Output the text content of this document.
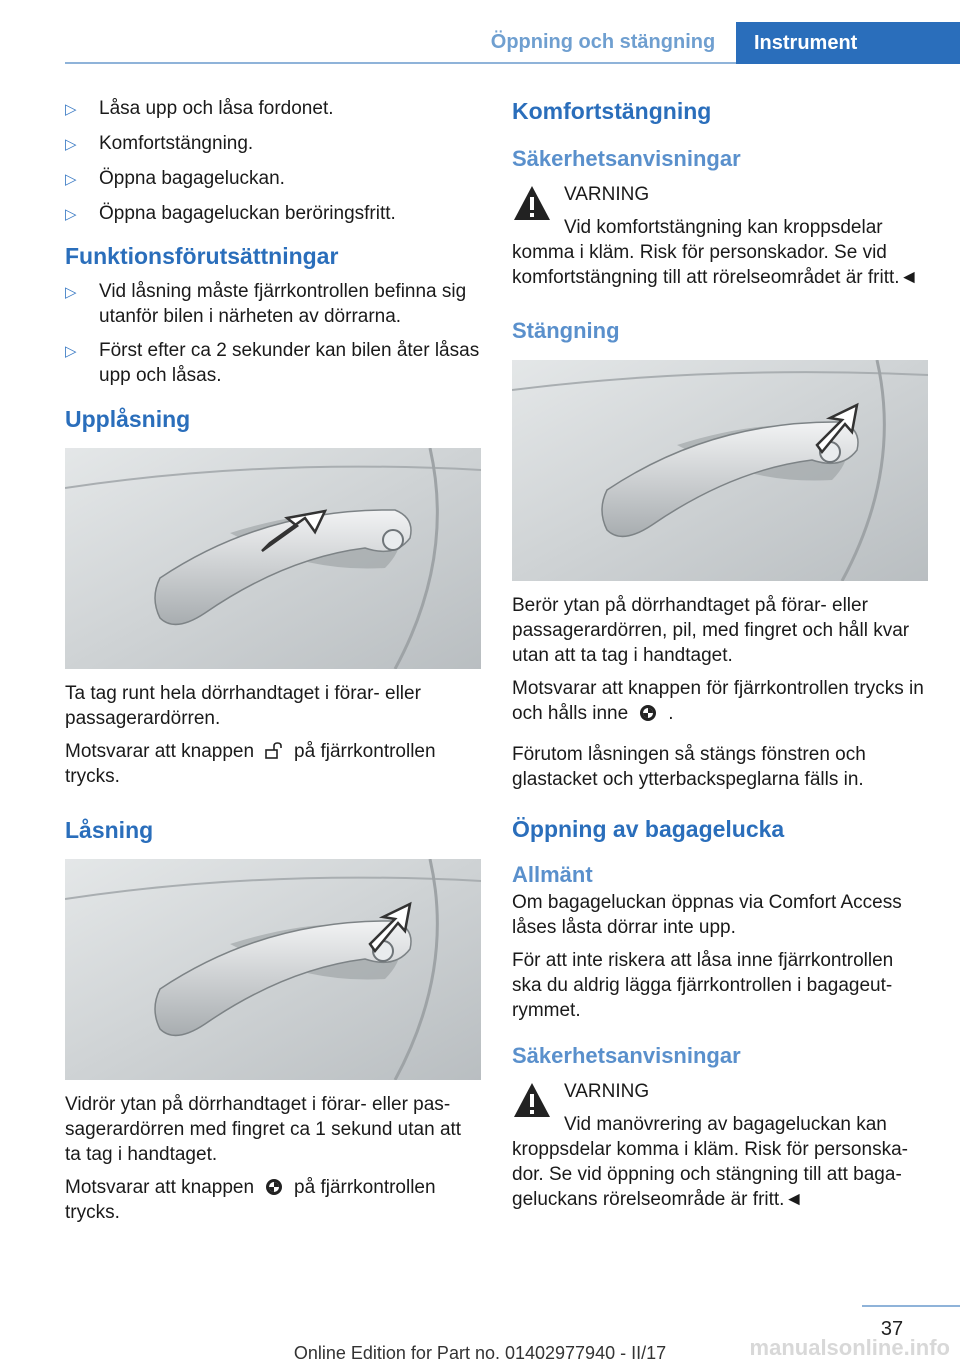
Öppning och stängning	Instrument
▷	Låsa upp och låsa fordonet.
▷	Komfortstängning.
▷	Öppna bagageluckan.
▷	Öppna bagageluckan beröringsfritt.
Funktionsförutsättningar
▷	Vid låsning måste fjärrkontrollen befinna sig utanför bilen i närheten av dörrarna.
▷	Först efter ca 2 sekunder kan bilen åter låsas upp och låsas.
Upplåsning

Ta tag runt hela dörrhandtaget i förar- eller passagerardörren.

Motsvarar att knappen på fjärrkontrollen trycks.

Låsning

Vidrör ytan på dörrhandtaget i förar- eller passagerardörren med fingret ca 1 sekund utan att ta tag i handtaget.

Motsvarar att knappen på fjärrkontrollen trycks.

Komfortstängning
Säkerhetsanvisningar
VARNING
Vid komfortstängning kan kroppsdelar
komma i kläm. Risk för personskador. Se vid komfortstängning till att rörelseområdet är fritt.◄
Stängning

Berör ytan på dörrhandtaget på förar- eller passagerardörren, pil, med fingret och håll kvar utan att ta tag i handtaget.

Motsvarar att knappen för fjärrkontrollen trycks in och hålls inne .

Förutom låsningen så stängs fönstren och glastacket och ytterbackspeglarna fälls in.

Öppning av bagagelucka
Allmänt

Om bagageluckan öppnas via Comfort Access låses låsta dörrar inte upp.

För att inte riskera att låsa inne fjärrkontrollen ska du aldrig lägga fjärrkontrollen i bagageutrymmet.

Säkerhetsanvisningar
VARNING
Vid manövrering av bagageluckan kan
kroppsdelar komma i kläm. Risk för personskador. Se vid öppning och stängning till att bagageluckans rörelseområde är fritt.◄
37
manualsonline.info
Online Edition for Part no. 01402977940 - II/17
